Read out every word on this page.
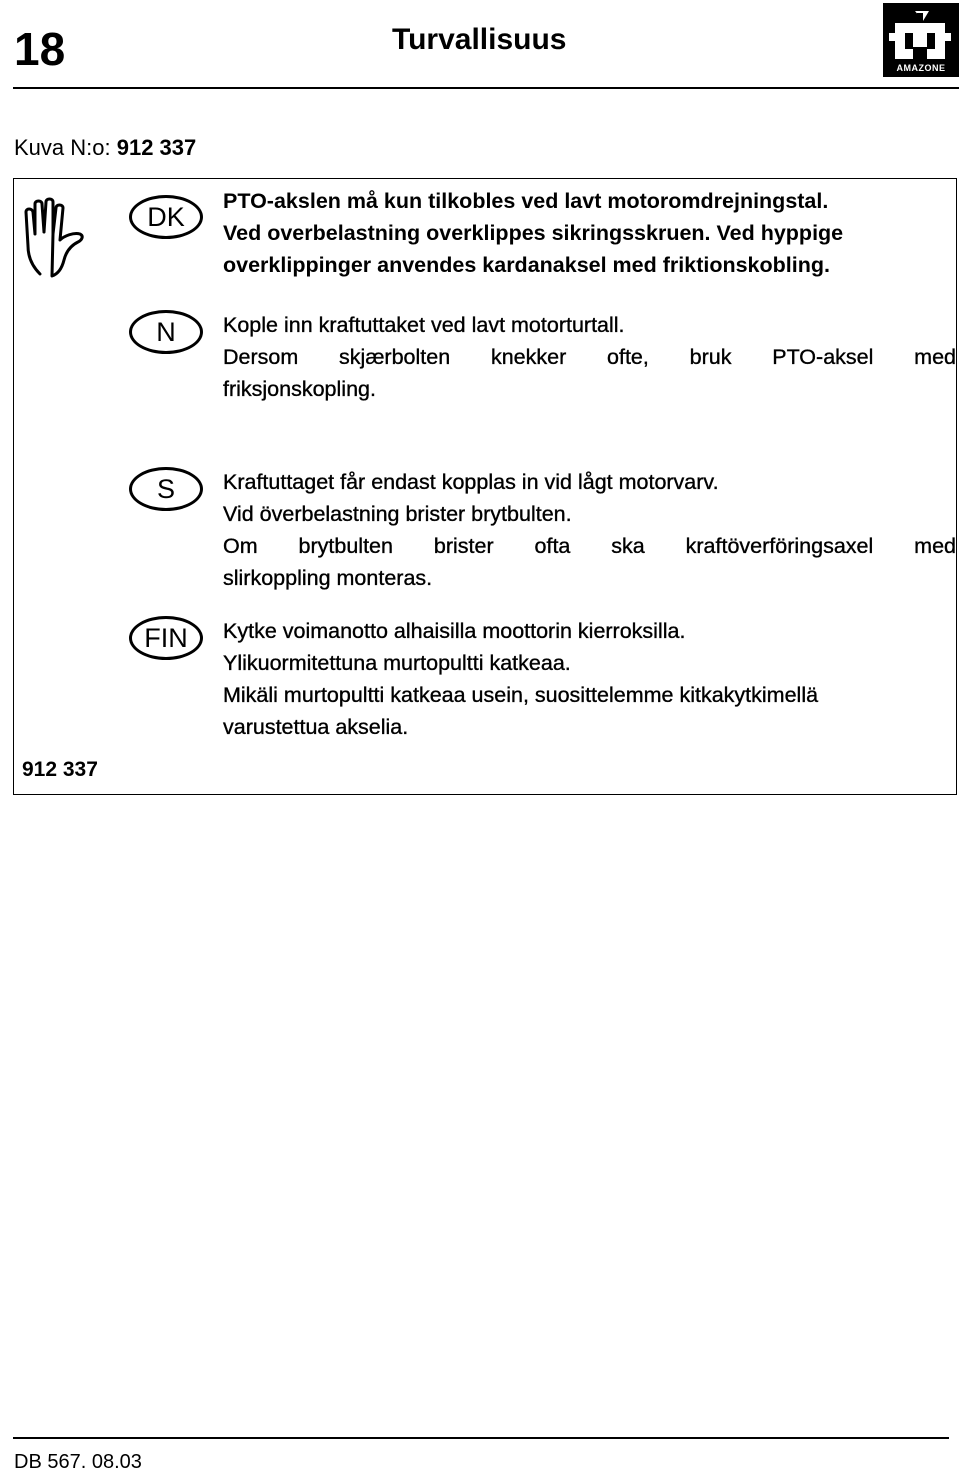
18	Turvallisuus
AMAZONE
Kuva N:o: 912 337
DK
PTO-akslen må kun tilkobles ved lavt motoromdrejningstal.
Ved overbelastning overklippes sikringsskruen. Ved hyppige
overklippinger anvendes kardanaksel med friktionskobling.
N	Kople inn kraftuttaket ved lavt motorturtall.
Dersom skjærbolten knekker ofte, bruk PTO-aksel med
friksjonskopling.
S	Kraftuttaget får endast kopplas in vid lågt motorvarv.
Vid överbelastning brister brytbulten.
Om brytbulten brister ofta ska kraftöverföringsaxel med
slirkoppling monteras.
FIN	Kytke voimanotto alhaisilla moottorin kierroksilla.
Ylikuormitettuna murtopultti katkeaa.
Mikäli murtopultti katkeaa usein, suosittelemme kitkakytkimellä
varustettua akselia.
912 337
DB 567. 08.03
